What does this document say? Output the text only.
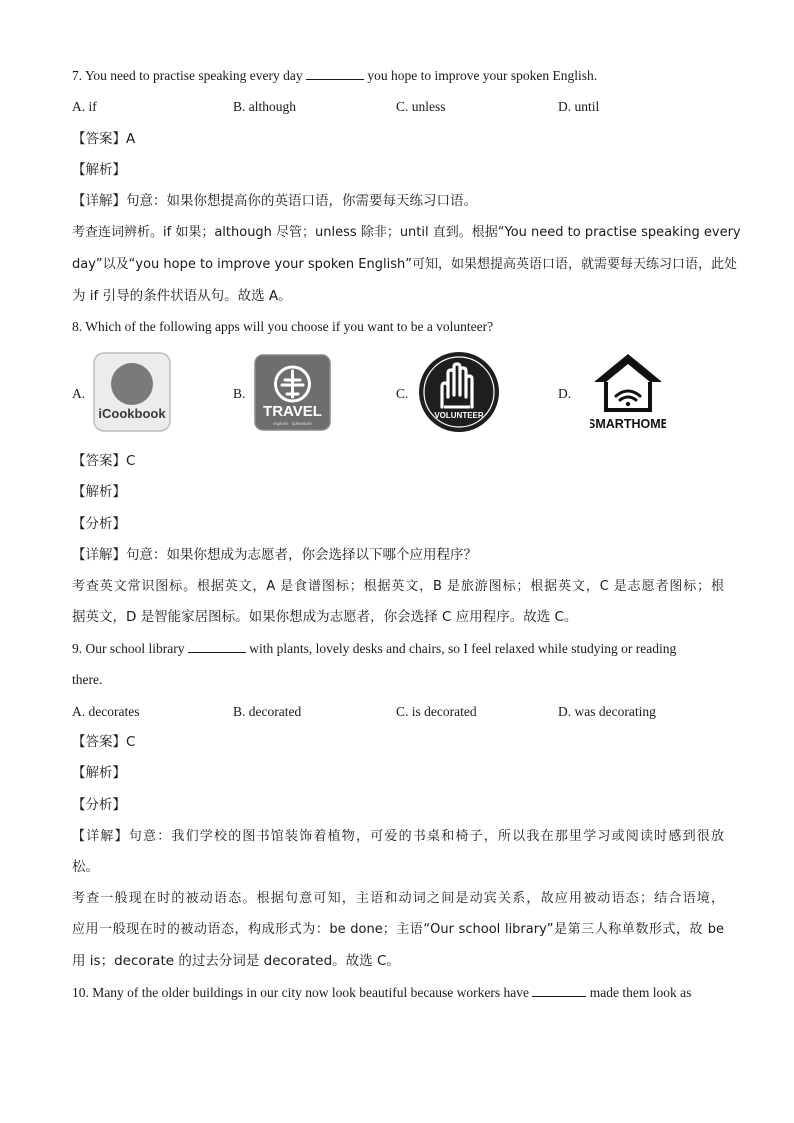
7. You need to practise speaking every day	you hope to improve your spoken English.
A. if	B. although	C. unless	D. until
【答案】A
【解析】
【详解】句意：如果你想提高你的英语口语，你需要每天练习口语。
考查连词辨析。if 如果；although 尽管；unless 除非；until 直到。根据“You need to practise speaking every
day”以及“you hope to improve your spoken English”可知，如果想提高英语口语，就需要每天练习口语，此处
为 if 引导的条件状语从句。故选 A。
8. Which of the following apps will you choose if you want to be a volunteer?
A.
iCookbook
B.
TRAVEL
explore · adventure
C.
VOLUNTEER
D.
SMARTHOME
【答案】C
【解析】
【分析】
【详解】句意：如果你想成为志愿者，你会选择以下哪个应用程序？
考查英文常识图标。根据英文，A 是食谱图标；根据英文，B 是旅游图标；根据英文，C 是志愿者图标；根
据英文，D 是智能家居图标。如果你想成为志愿者，你会选择 C 应用程序。故选 C。
9. Our school library	with plants, lovely desks and chairs, so I feel relaxed while studying or reading
there.
A. decorates	B. decorated	C. is decorated	D. was decorating
【答案】C
【解析】
【分析】
【详解】句意：我们学校的图书馆装饰着植物，可爱的书桌和椅子，所以我在那里学习或阅读时感到很放
松。
考查一般现在时的被动语态。根据句意可知，主语和动词之间是动宾关系，故应用被动语态；结合语境，
应用一般现在时的被动语态，构成形式为：be done；主语“Our school library”是第三人称单数形式，故 be
用 is；decorate 的过去分词是 decorated。故选 C。
10. Many of the older buildings in our city now look beautiful because workers have	made them look as
